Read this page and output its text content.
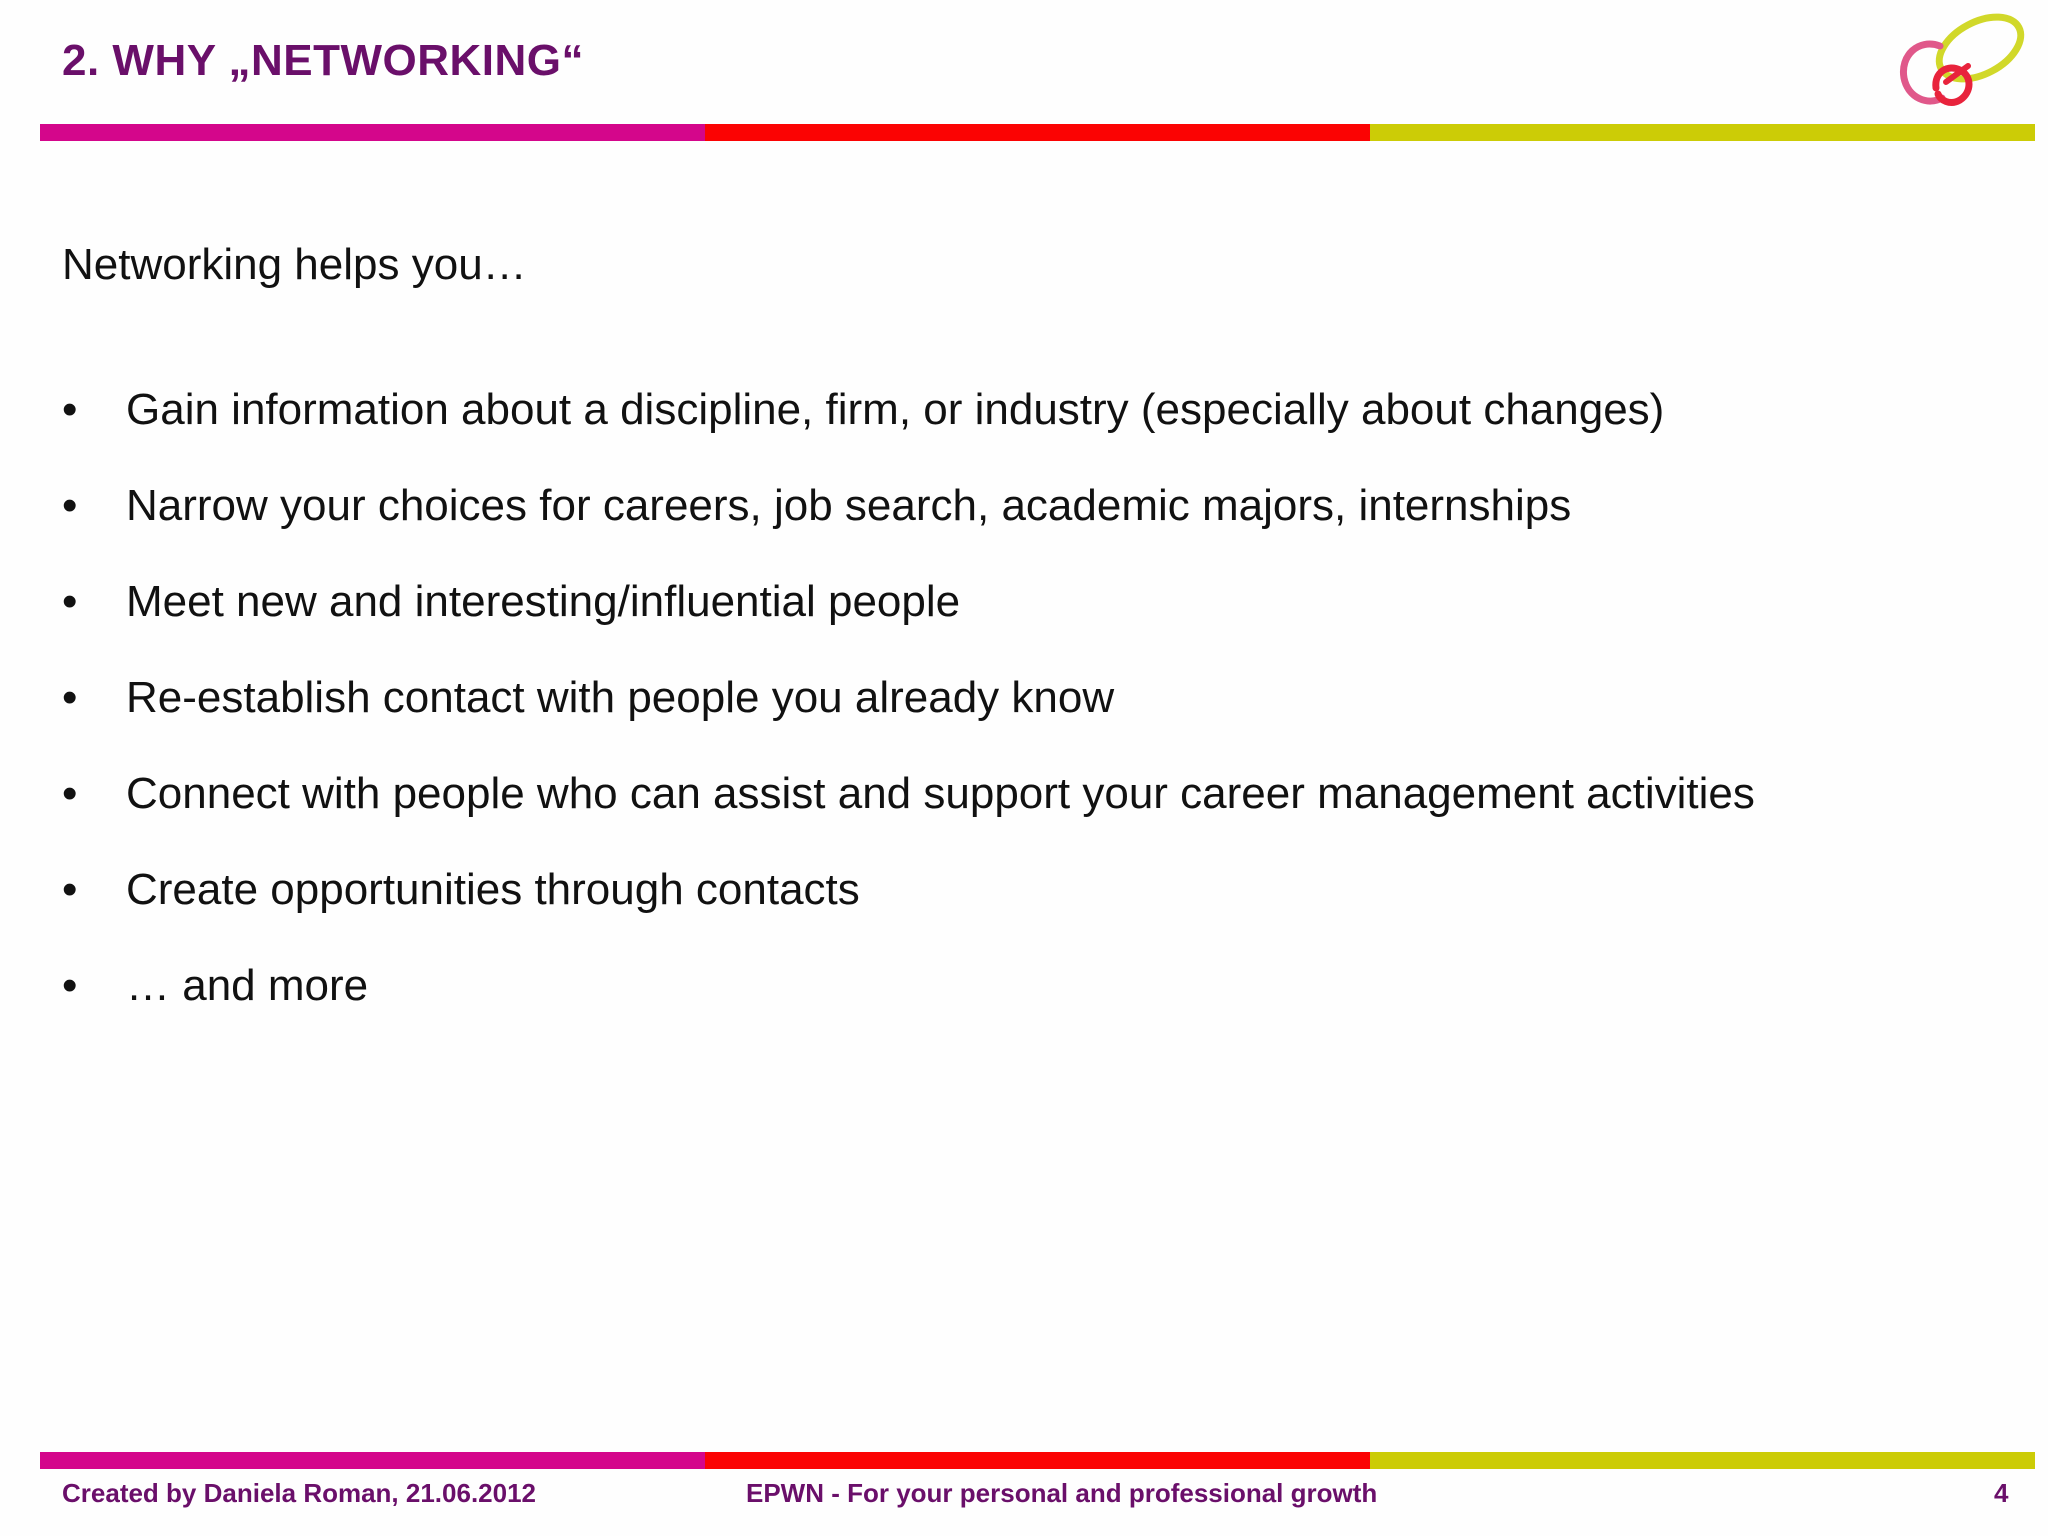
2. WHY „NETWORKING“
Networking helps you…
• Gain information about a discipline, firm, or industry (especially about changes)
• Narrow your choices for careers, job search, academic majors, internships
• Meet new and interesting/influential people
• Re-establish contact with people you already know
• Connect with people who can assist and support your career management activities
• Create opportunities through contacts
• … and more
Created by Daniela Roman, 21.06.2012	EPWN - For your personal and professional growth	4
